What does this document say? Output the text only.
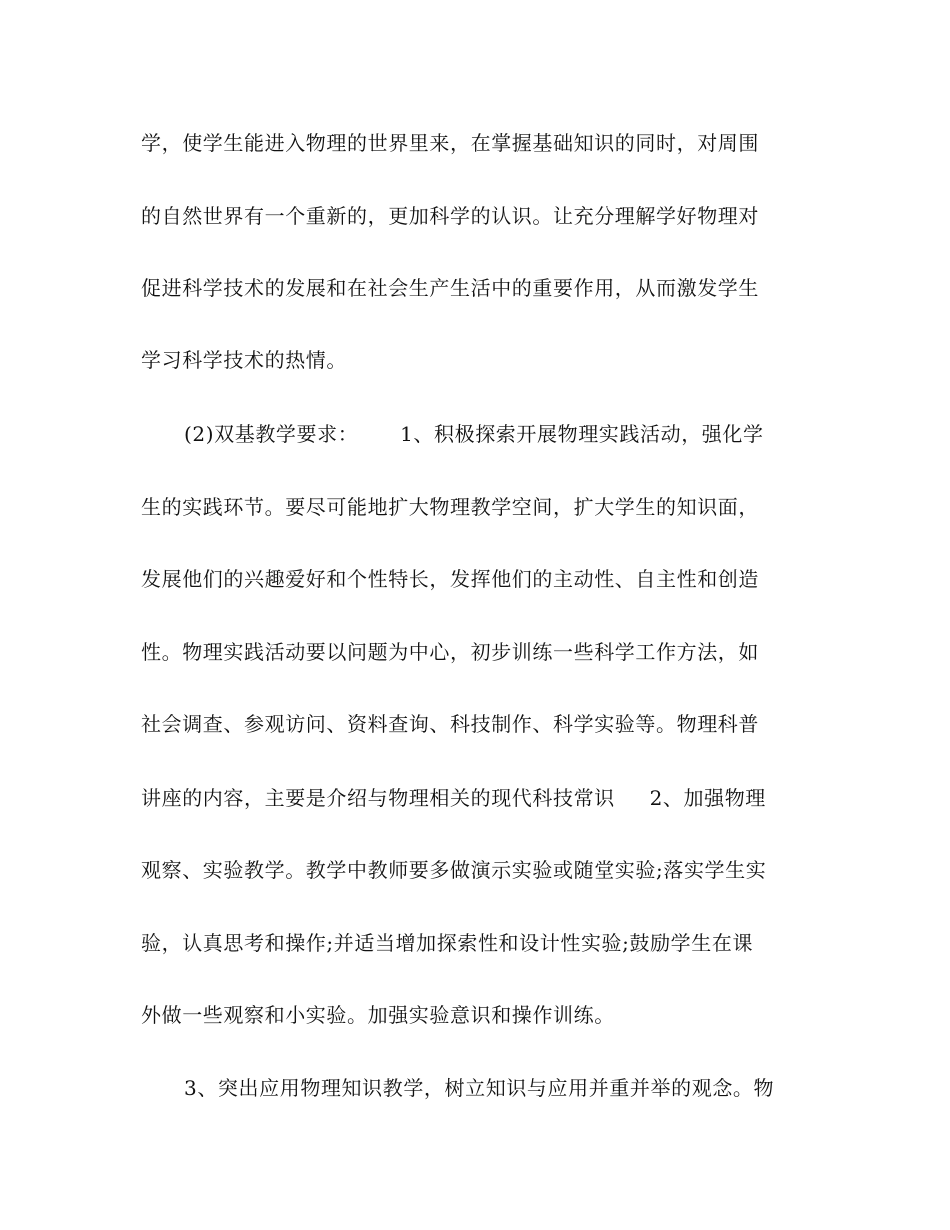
学，使学生能进入物理的世界里来，在掌握基础知识的同时，对周围
的自然世界有一个重新的，更加科学的认识。让充分理解学好物理对
促进科学技术的发展和在社会生产生活中的重要作用，从而激发学生
学习科学技术的热情。
(2)双基教学要求：      1、积极探索开展物理实践活动，强化学
生的实践环节。要尽可能地扩大物理教学空间，扩大学生的知识面，
发展他们的兴趣爱好和个性特长，发挥他们的主动性、自主性和创造
性。物理实践活动要以问题为中心，初步训练一些科学工作方法，如
社会调查、参观访问、资料查询、科技制作、科学实验等。物理科普
讲座的内容，主要是介绍与物理相关的现代科技常识     2、加强物理
观察、实验教学。教学中教师要多做演示实验或随堂实验;落实学生实
验，认真思考和操作;并适当增加探索性和设计性实验;鼓励学生在课
外做一些观察和小实验。加强实验意识和操作训练。
3、突出应用物理知识教学，树立知识与应用并重并举的观念。物
